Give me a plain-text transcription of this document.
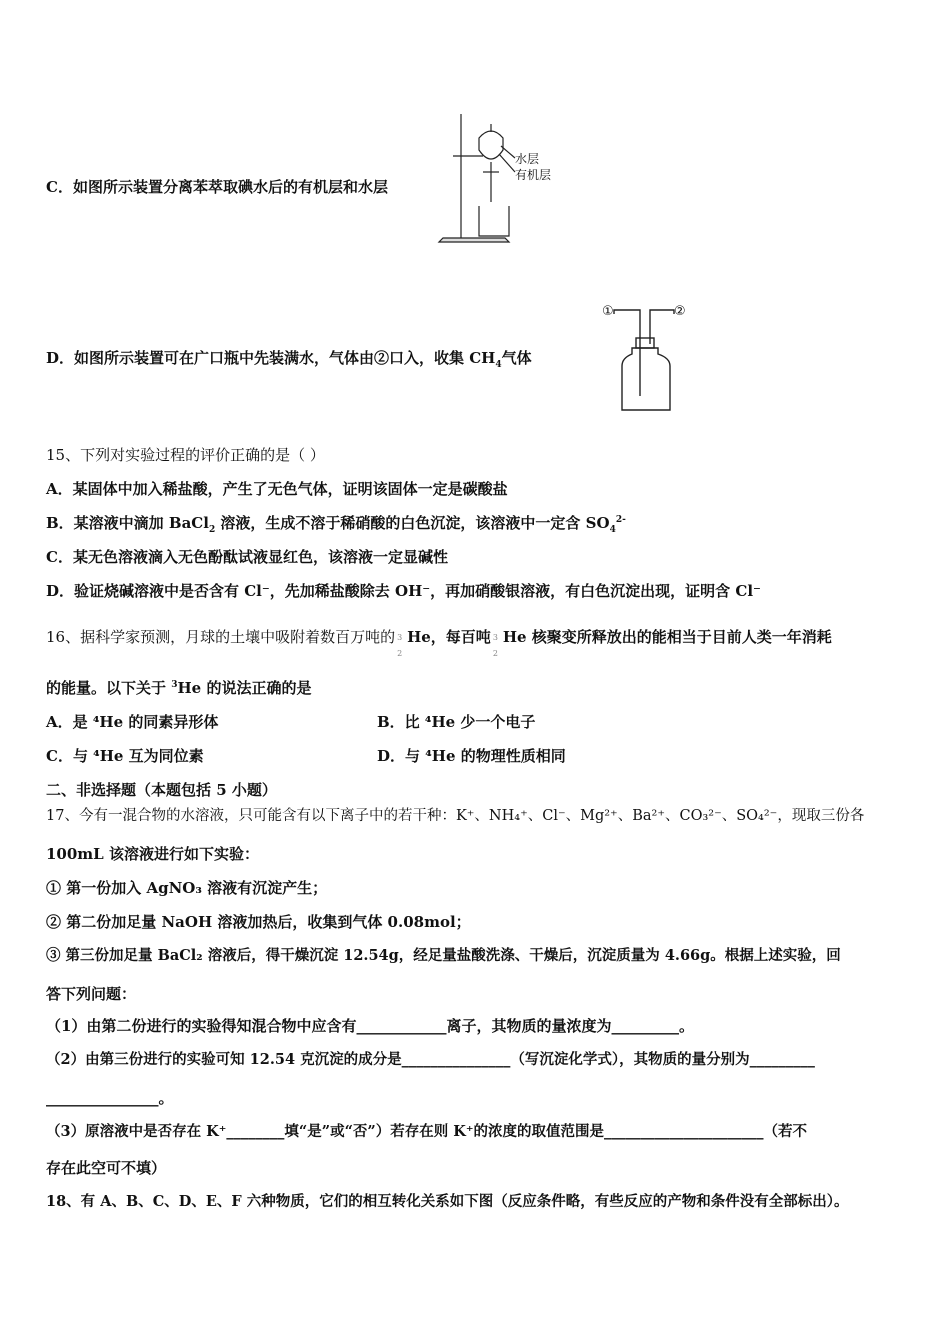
C．如图所示装置分离苯萃取碘水后的有机层和水层
水层
有机层
D．如图所示装置可在广口瓶中先装满水，气体由②口入，收集 $CH_4$气体
①	②
15、下列对实验过程的评价正确的是（ ）
A．某固体中加入稀盐酸，产生了无色气体，证明该固体一定是碳酸盐
B．某溶液中滴加 BaCl$_2$ 溶液，生成不溶于稀硝酸的白色沉淀，该溶液中一定含 $SO_4^{2-}$
C．某无色溶液滴入无色酚酞试液显红色，该溶液一定显碱性
D．验证烧碱溶液中是否含有 Cl⁻，先加稀盐酸除去 OH⁻，再加硝酸银溶液，有白色沉淀出现，证明含 Cl⁻
16、据科学家预测，月球的土壤中吸附着数百万吨的 3
2
He，每百吨 3
2
He 核聚变所释放出的能相当于目前人类一年消耗
的能量。以下关于 $^3$He 的说法正确的是
A．是 ⁴He 的同素异形体	B．比 ⁴He 少一个电子
C．与 ⁴He 互为同位素	D．与 ⁴He 的物理性质相同
二、非选择题（本题包括 5 小题）
17、今有一混合物的水溶液，只可能含有以下离子中的若干种：K⁺、NH₄⁺、Cl⁻、Mg²⁺、Ba²⁺、CO₃²⁻、SO₄²⁻，现取三份各
100mL 该溶液进行如下实验：
① 第一份加入 AgNO₃ 溶液有沉淀产生；
② 第二份加足量 NaOH 溶液加热后，收集到气体 0.08mol；
③ 第三份加足量 BaCl₂ 溶液后，得干燥沉淀 12.54g，经足量盐酸洗涤、干燥后，沉淀质量为 4.66g。根据上述实验，回
答下列问题：
（1）由第二份进行的实验得知混合物中应含有____________离子，其物质的量浓度为_________。
（2）由第三份进行的实验可知 12.54 克沉淀的成分是_______________（写沉淀化学式），其物质的量分别为_________
_______________。
（3）原溶液中是否存在 K⁺________填“是”或“否”）若存在则 K⁺的浓度的取值范围是______________________（若不
存在此空可不填）
18、有 A、B、C、D、E、F 六种物质，它们的相互转化关系如下图（反应条件略，有些反应的产物和条件没有全部标出）。
